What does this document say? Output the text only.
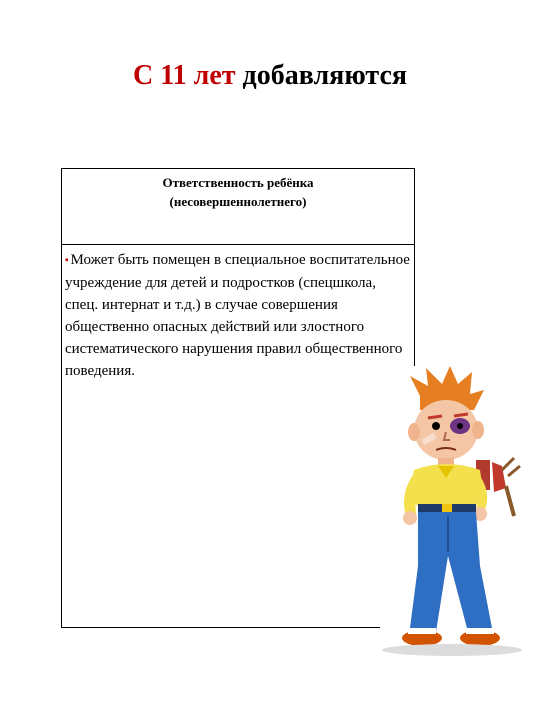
С 11 лет добавляются
Ответственность ребёнка
(несовершеннолетнего)
▪ Может быть помещен в специальное воспитательное учреждение для детей и подростков (спецшкола, спец. интернат и т.д.) в случае совершения общественно опасных действий или злостного систематического нарушения правил общественного поведения.
